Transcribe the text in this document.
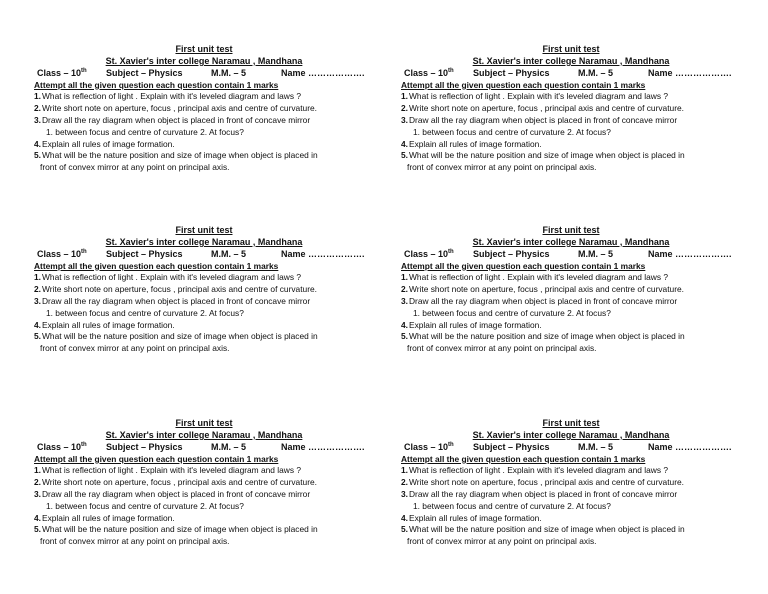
First unit test
St. Xavier's inter college Naramau , Mandhana
Class – 10th Subject – Physics	M.M. – 5	Name ……………….
Attempt all the given question each question contain 1 marks
1. What is reflection of light . Explain with it's leveled diagram and laws ?
2. Write short note on aperture, focus , principal axis and centre of curvature.
3. Draw all the ray diagram when object is placed in front of concave mirror
1. between focus and centre of curvature 2. At focus?
4. Explain all rules of image formation.
5. What will be the nature position and size of image when object is placed in
front of convex mirror at any point on principal axis.
First unit test
St. Xavier's inter college Naramau , Mandhana
Class – 10th Subject – Physics	M.M. – 5	Name ……………….
Attempt all the given question each question contain 1 marks
1. What is reflection of light . Explain with it's leveled diagram and laws ?
2. Write short note on aperture, focus , principal axis and centre of curvature.
3. Draw all the ray diagram when object is placed in front of concave mirror
1. between focus and centre of curvature 2. At focus?
4. Explain all rules of image formation.
5. What will be the nature position and size of image when object is placed in
front of convex mirror at any point on principal axis.
First unit test
St. Xavier's inter college Naramau , Mandhana
Class – 10th Subject – Physics	M.M. – 5	Name ……………….
Attempt all the given question each question contain 1 marks
1. What is reflection of light . Explain with it's leveled diagram and laws ?
2. Write short note on aperture, focus , principal axis and centre of curvature.
3. Draw all the ray diagram when object is placed in front of concave mirror
1. between focus and centre of curvature 2. At focus?
4. Explain all rules of image formation.
5. What will be the nature position and size of image when object is placed in
front of convex mirror at any point on principal axis.
First unit test
St. Xavier's inter college Naramau , Mandhana
Class – 10th Subject – Physics	M.M. – 5	Name ……………….
Attempt all the given question each question contain 1 marks
1. What is reflection of light . Explain with it's leveled diagram and laws ?
2. Write short note on aperture, focus , principal axis and centre of curvature.
3. Draw all the ray diagram when object is placed in front of concave mirror
1. between focus and centre of curvature 2. At focus?
4. Explain all rules of image formation.
5. What will be the nature position and size of image when object is placed in
front of convex mirror at any point on principal axis.
First unit test
St. Xavier's inter college Naramau , Mandhana
Class – 10th Subject – Physics	M.M. – 5	Name ……………….
Attempt all the given question each question contain 1 marks
1. What is reflection of light . Explain with it's leveled diagram and laws ?
2. Write short note on aperture, focus , principal axis and centre of curvature.
3. Draw all the ray diagram when object is placed in front of concave mirror
1. between focus and centre of curvature 2. At focus?
4. Explain all rules of image formation.
5. What will be the nature position and size of image when object is placed in
front of convex mirror at any point on principal axis.
First unit test
St. Xavier's inter college Naramau , Mandhana
Class – 10th Subject – Physics	M.M. – 5	Name ……………….
Attempt all the given question each question contain 1 marks
1. What is reflection of light . Explain with it's leveled diagram and laws ?
2. Write short note on aperture, focus , principal axis and centre of curvature.
3. Draw all the ray diagram when object is placed in front of concave mirror
1. between focus and centre of curvature 2. At focus?
4. Explain all rules of image formation.
5. What will be the nature position and size of image when object is placed in
front of convex mirror at any point on principal axis.
